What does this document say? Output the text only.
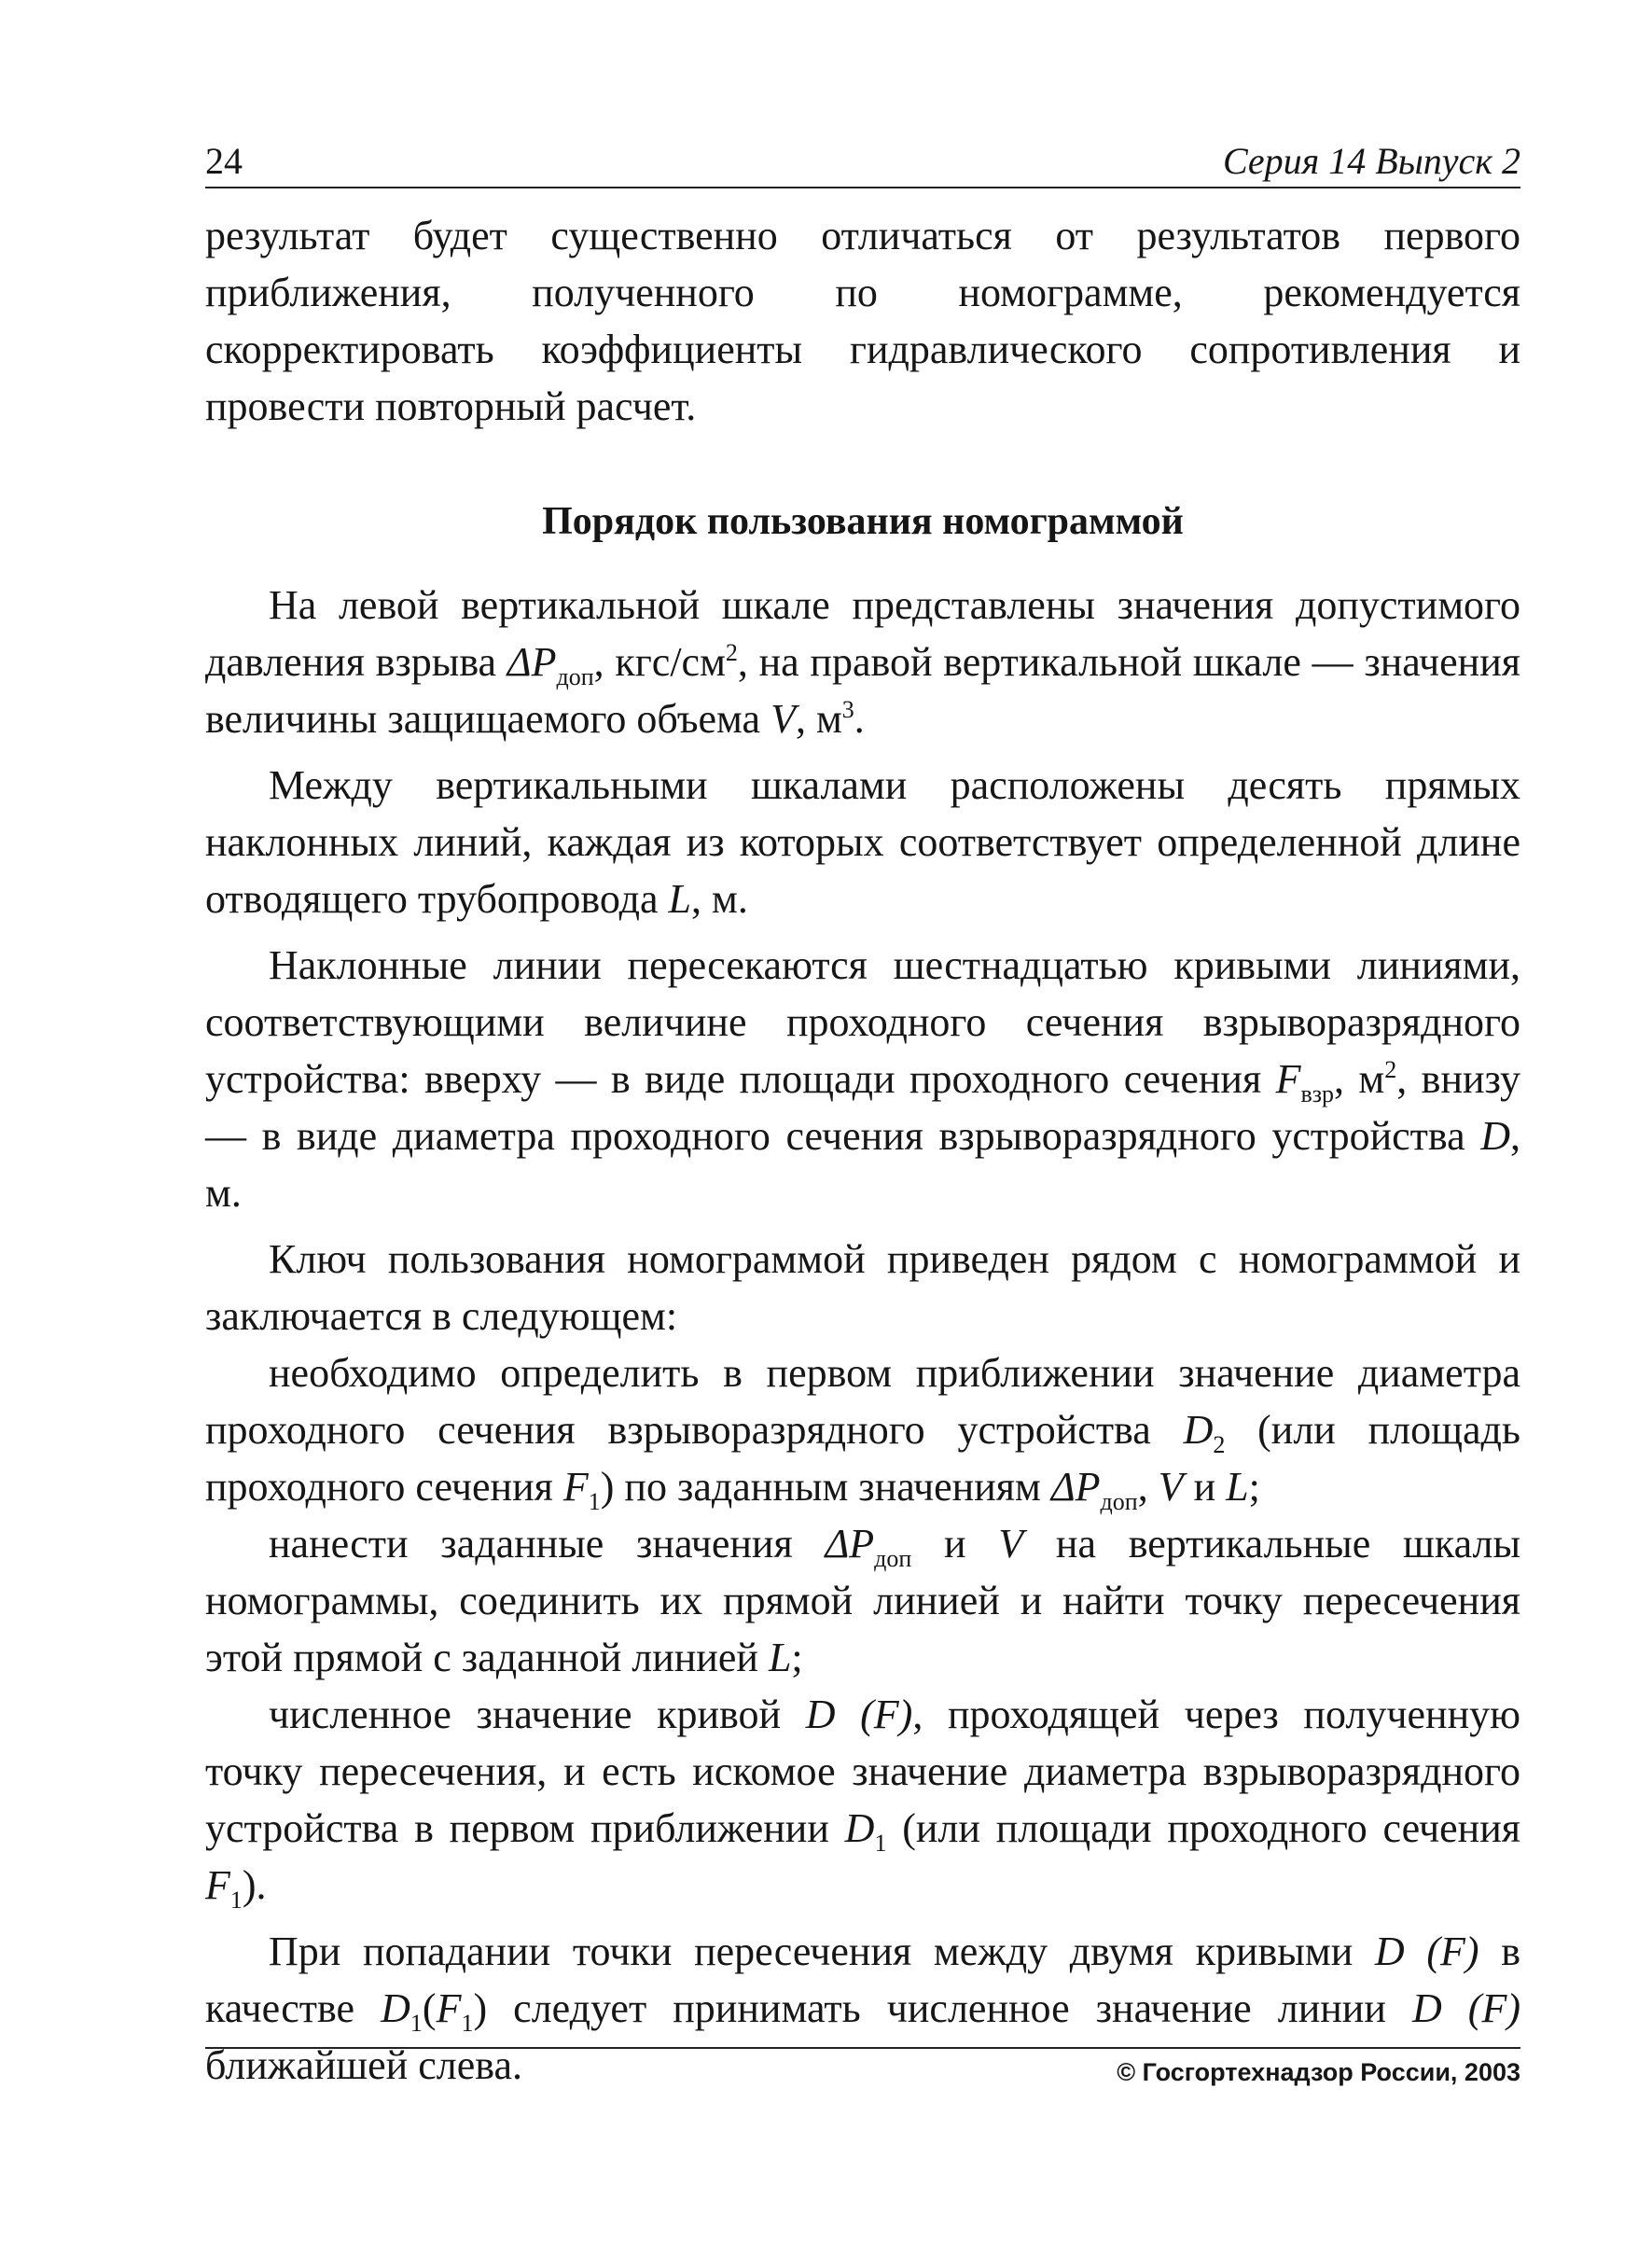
24	Серия 14 Выпуск 2

результат будет существенно отличаться от результатов первого приближения, полученного по номограмме, рекомендуется скорректировать коэффициенты гидравлического сопротивления и провести повторный расчет.

Порядок пользования номограммой

На левой вертикальной шкале представлены значения допустимого давления взрыва $\Delta P_{доп}$, кгс/$см^2$, на правой вертикальной шкале — значения величины защищаемого объема V, $м^3$.

Между вертикальными шкалами расположены десять прямых наклонных линий, каждая из которых соответствует определенной длине отводящего трубопровода L, м.

Наклонные линии пересекаются шестнадцатью кривыми линиями, соответствующими величине проходного сечения взрыворазрядного устройства: вверху — в виде площади проходного сечения $F_{взр}$, $м^2$, внизу — в виде диаметра проходного сечения взрыворазрядного устройства D, м.

Ключ пользования номограммой приведен рядом с номограммой и заключается в следующем:

необходимо определить в первом приближении значение диаметра проходного сечения взрыворазрядного устройства $D_2$ (или площадь проходного сечения $F_1$) по заданным значениям $\Delta P_{доп}$, V и L;

нанести заданные значения $\Delta P_{доп}$ и V на вертикальные шкалы номограммы, соединить их прямой линией и найти точку пересечения этой прямой с заданной линией L;

численное значение кривой D (F), проходящей через полученную точку пересечения, и есть искомое значение диаметра взрыворазрядного устройства в первом приближении $D_1$ (или площади проходного сечения $F_1$).

При попадании точки пересечения между двумя кривыми D (F) в качестве $D_1(F_1)$ следует принимать численное значение линии D (F) ближайшей слева.	© Госгортехнадзор России, 2003
